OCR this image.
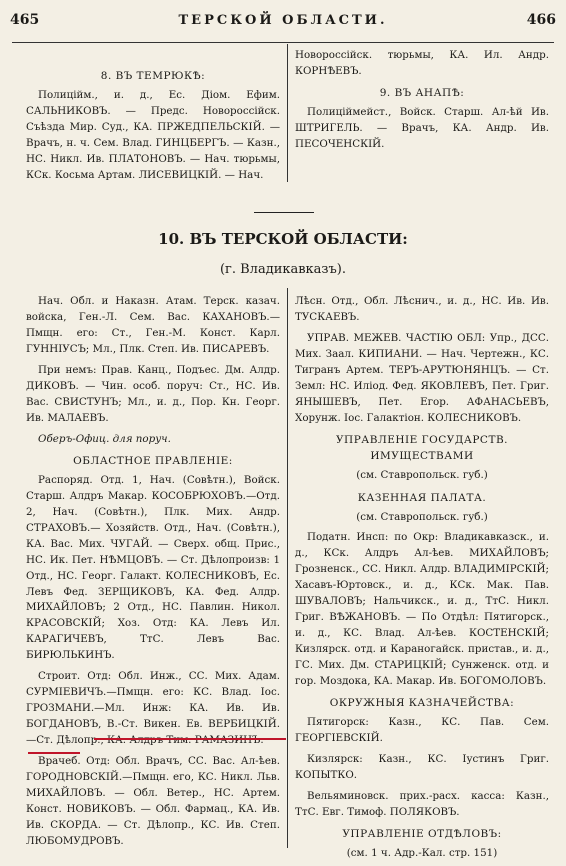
465	ТЕРСКОЙ ОБЛАСТИ.	466
8. ВЪ ТЕМРЮКѢ:

Полиційм., и. д., Ес. Діом. Ефим. САЛЬНИКОВЪ. — Предс. Новороссійск. Съѣзда Мир. Суд., КА. ПРЖЕДПЕЛЬСКІЙ. — Врачъ, н. ч. Сем. Влад. ГИНЦБЕРГЪ. — Казн., НС. Никл. Ив. ПЛАТОНОВЪ. — Нач. тюрьмы, КСк. Косьма Артам. ЛИСЕВИЦКІЙ. — Нач.

Новороссійск. тюрьмы, КА. Ил. Андр. КОРНѢЕВЪ.

9. ВЪ АНАПѢ:

Полиціймейст., Войск. Старш. Ал-ѣй Ив. ШТРИГЕЛЬ. — Врачъ, КА. Андр. Ив. ПЕСОЧЕНСКІЙ.

10. ВЪ ТЕРСКОЙ ОБЛАСТИ:
(г. Владикавказъ).

Нач. Обл. и Наказн. Атам. Терск. казач. войска, Ген.-Л. Сем. Вас. КАХАНОВЪ.—Пмщн. его: Ст., Ген.-М. Конст. Карл. ГУННІУСЪ; Мл., Плк. Степ. Ив. ПИСАРЕВЪ.

При немъ: Прав. Канц., Подъес. Дм. Алдр. ДИКОВЪ. — Чин. особ. поруч: Ст., НС. Ив. Вас. СВИСТУНЪ; Мл., и. д., Пор. Кн. Георг. Ив. МАЛАЕВЪ.

Оберъ-Офиц. для поруч.

ОБЛАСТНОЕ ПРАВЛЕНІЕ:

Распоряд. Отд. 1, Нач. (Совѣтн.), Войск. Старш. Алдръ Макар. КОСОБРЮХОВЪ.—Отд. 2, Нач. (Совѣтн.), Плк. Мих. Андр. СТРАХОВЪ.— Хозяйств. Отд., Нач. (Совѣтн.), КА. Вас. Мих. ЧУГАЙ. — Сверх. общ. Прис., НС. Ик. Пет. НѢМЦОВЪ. — Ст. Дѣлопроизв: 1 Отд., НС. Георг. Галакт. КОЛЕСНИКОВЪ, Ес. Левъ Фед. ЗЕРЩИКОВЪ, КА. Фед. Алдр. МИХАЙЛОВЪ; 2 Отд., НС. Павлин. Никол. КРАСОВСКІЙ; Хоз. Отд: КА. Левъ Ил. КАРАГИЧЕВЪ, ТтС. Левъ Вас. БИРЮЛЬКИНЪ.

Строит. Отд: Обл. Инж., СС. Мих. Адам. СУРМІЕВИЧЪ.—Пмщн. его: КС. Влад. Іос. ГРОЗМАНИ.—Мл. Инж: КА. Ив. Ив. БОГДАНОВЪ, В.-Ст. Викен. Ев. ВЕРБИЦКІЙ.—Ст. Дѣлопр., КА. Алдръ Тим. РАМАЗИНЪ.

Врачеб. Отд: Обл. Врачъ, СС. Вас. Ал-ѣев. ГОРОДНОВСКІЙ.—Пмщн. его, КС. Никл. Льв. МИХАЙЛОВЪ. — Обл. Ветер., НС. Артем. Конст. НОВИКОВЪ. — Обл. Фармац., КА. Ив. Ив. СКОРДА. — Ст. Дѣлопр., КС. Ив. Степ. ЛЮБОМУДРОВЪ.

Лѣсн. Отд., Обл. Лѣснич., и. д., НС. Ив. Ив. ТУСКАЕВЪ.

УПРАВ. МЕЖЕВ. ЧАСТІЮ ОБЛ: Упр., ДСС. Мих. Заал. КИПИАНИ. — Нач. Чертежн., КС. Тигранъ Артем. ТЕРЪ-АРУТЮНЯНЦЪ. — Ст. Земл: НС. Иліод. Фед. ЯКОВЛЕВЪ, Пет. Григ. ЯНЫШЕВЪ, Пет. Егор. АФАНАСЬЕВЪ, Хорунж. Іос. Галактіон. КОЛЕСНИКОВЪ.

УПРАВЛЕНІЕ ГОСУДАРСТВ. ИМУЩЕСТВАМИ
(см. Ставропольск. губ.)
КАЗЕННАЯ ПАЛАТА.
(см. Ставропольск. губ.)

Податн. Инсп: по Окр: Владикавказск., и. д., КСк. Алдръ Ал-ѣев. МИХАЙЛОВЪ; Грозненск., СС. Никл. Алдр. ВЛАДИМІРСКІЙ; Хасавъ-Юртовск., и. д., КСк. Мак. Пав. ШУВАЛОВЪ; Нальчикск., и. д., ТтС. Никл. Григ. ВѢЖАНОВЪ. — По Отдѣл: Пятигорск., и. д., КС. Влад. Ал-ѣев. КОСТЕНСКІЙ; Кизлярск. отд. и Караногайск. пристав., и. д., ГС. Мих. Дм. СТАРИЦКІЙ; Сунженск. отд. и гор. Моздока, КА. Макар. Ив. БОГОМОЛОВЪ.

ОКРУЖНЫЯ КАЗНАЧЕЙСТВА:

Пятигорск: Казн., КС. Пав. Сем. ГЕОРГІЕВСКІЙ.

Кизлярск: Казн., КС. Іустинъ Григ. КОПЫТКО.

Вельяминовск. прих.-расх. касса: Казн., ТтС. Евг. Тимоф. ПОЛЯКОВЪ.

УПРАВЛЕНІЕ ОТДѢЛОВЪ:
(см. 1 ч. Адр.-Кал. стр. 151)
